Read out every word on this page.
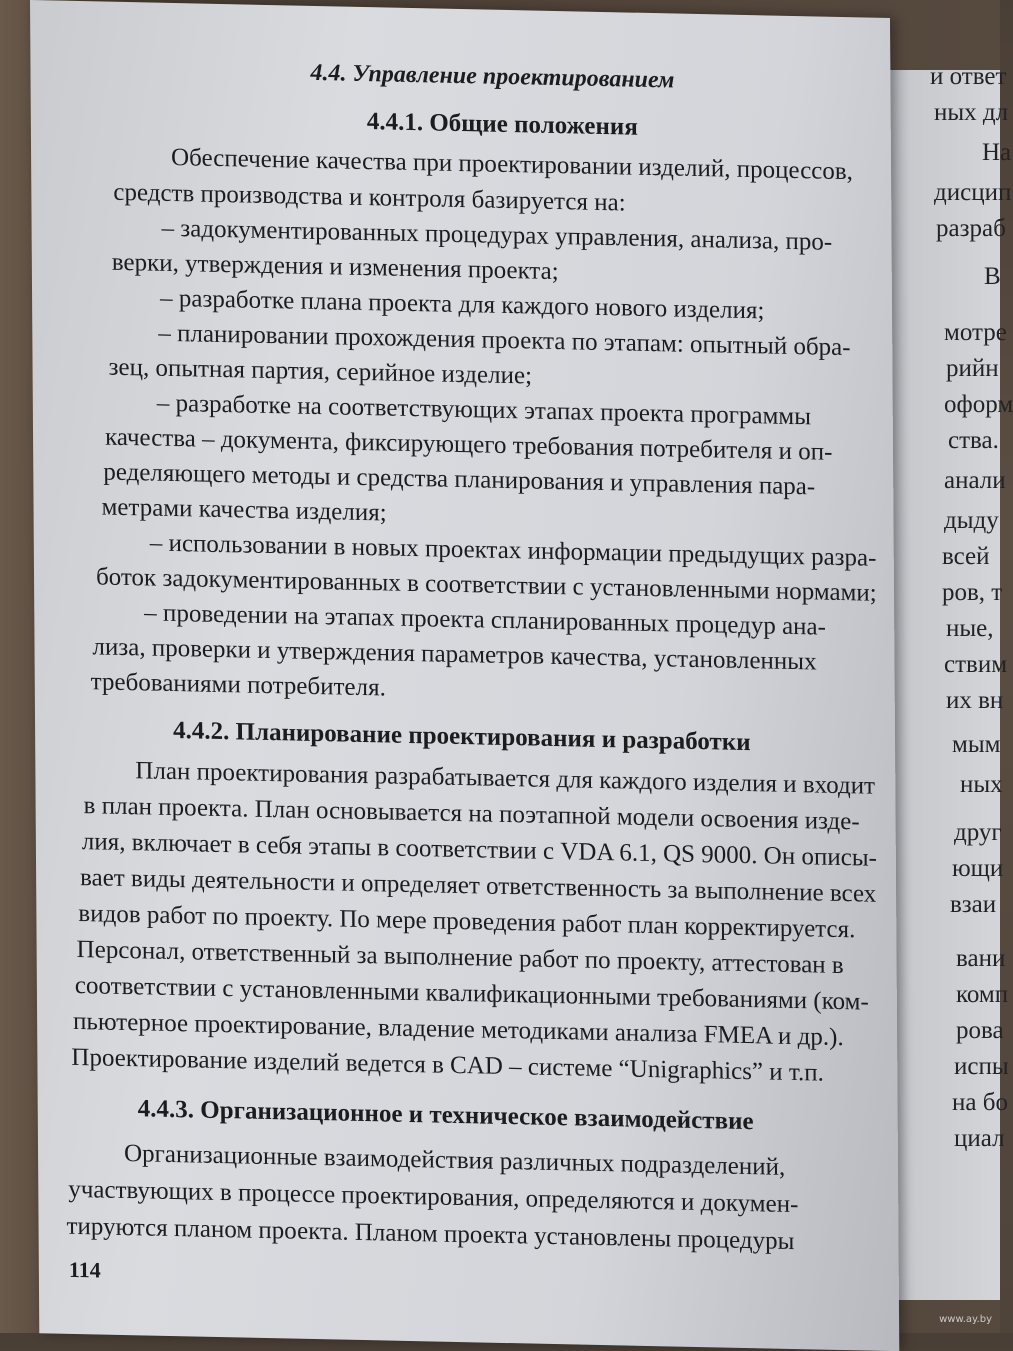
и ответ
ных дл
На
дисцип
разраб
В
мотре
рийн
оформ
ства.
анали
дыду
всей
ров, т
ные,
ствим
их вн
мым
ных
друг
ющи
взаи
вани
комп
рова
испы
на бо
циал
4.4. Управление проектированием
4.4.1. Общие положения
Обеспечение качества при проектировании изделий, процессов,
средств производства и контроля базируется на:
– задокументированных процедурах управления, анализа, про-
верки, утверждения и изменения проекта;
– разработке плана проекта для каждого нового изделия;
– планировании прохождения проекта по этапам: опытный обра-
зец, опытная партия, серийное изделие;
– разработке на соответствующих этапах проекта программы
качества – документа, фиксирующего требования потребителя и оп-
ределяющего методы и средства планирования и управления пара-
метрами качества изделия;
– использовании в новых проектах информации предыдущих разра-
боток задокументированных в соответствии с установленными нормами;
– проведении на этапах проекта спланированных процедур ана-
лиза, проверки и утверждения параметров качества, установленных
требованиями потребителя.
4.4.2. Планирование проектирования и разработки
План проектирования разрабатывается для каждого изделия и входит
в план проекта. План основывается на поэтапной модели освоения изде-
лия, включает в себя этапы в соответствии с VDA 6.1, QS 9000. Он описы-
вает виды деятельности и определяет ответственность за выполнение всех
видов работ по проекту. По мере проведения работ план корректируется.
Персонал, ответственный за выполнение работ по проекту, аттестован в
соответствии с установленными квалификационными требованиями (ком-
пьютерное проектирование, владение методиками анализа FMEA и др.).
Проектирование изделий ведется в CAD – системе “Unigraphics” и т.п.
4.4.3. Организационное и техническое взаимодействие
Организационные взаимодействия различных подразделений,
участвующих в процессе проектирования, определяются и докумен-
тируются планом проекта. Планом проекта установлены процедуры
114
www.ay.by
